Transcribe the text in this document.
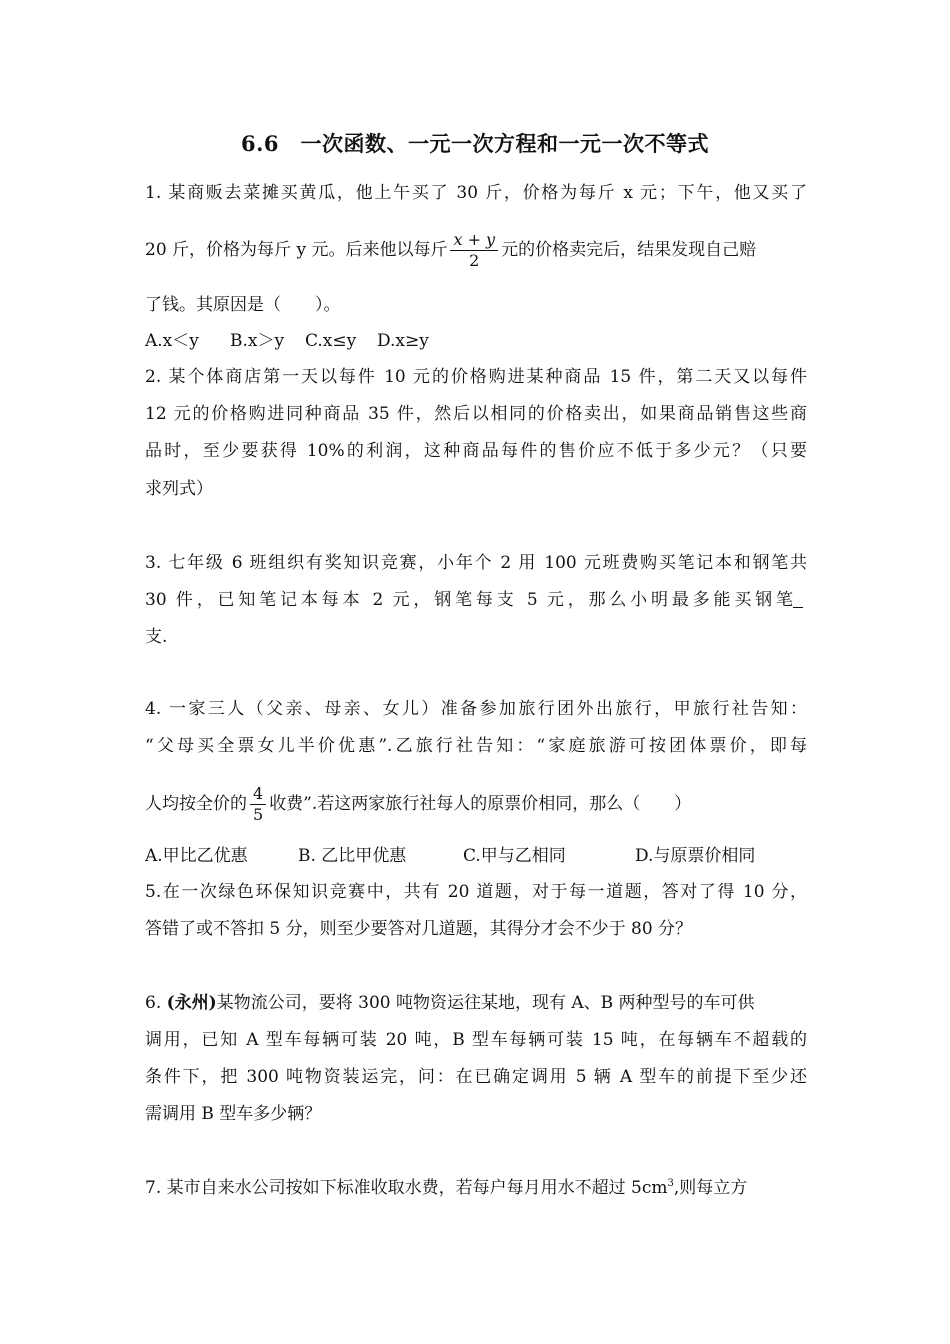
6.6　一次函数、一元一次方程和一元一次不等式
1. 某商贩去菜摊买黄瓜，他上午买了 30 斤，价格为每斤 x 元；下午，他又买了
20 斤，价格为每斤 y 元。后来他以每斤 $\frac{x + y}{2}$ 元的价格卖完后，结果发现自己赔
了钱。其原因是（　　）。
A.x＜y B.x＞y C.x≤y D.x≥y
2. 某个体商店第一天以每件 10 元的价格购进某种商品 15 件，第二天又以每件
12 元的价格购进同种商品 35 件，然后以相同的价格卖出，如果商品销售这些商
品时，至少要获得 10%的利润，这种商品每件的售价应不低于多少元？（只要
求列式）
3. 七年级 6 班组织有奖知识竞赛，小年个 2 用 100 元班费购买笔记本和钢笔共
30 件，已知笔记本每本 2 元，钢笔每支 5 元，那么小明最多能买钢笔
支.
4. 一家三人（父亲、母亲、女儿）准备参加旅行团外出旅行，甲旅行社告知：
“父母买全票女儿半价优惠”.乙旅行社告知：“家庭旅游可按团体票价，即每
人均按全价的 $\frac{4}{5}$ 收费”.若这两家旅行社每人的原票价相同，那么（　　）
A.甲比乙优惠	B. 乙比甲优惠	C.甲与乙相同	D.与原票价相同
5.在一次绿色环保知识竞赛中，共有 20 道题，对于每一道题，答对了得 10 分，
答错了或不答扣 5 分，则至少要答对几道题，其得分才会不少于 80 分？
6. (永州)某物流公司，要将 300 吨物资运往某地，现有 A、B 两种型号的车可供
调用，已知 A 型车每辆可装 20 吨，B 型车每辆可装 15 吨，在每辆车不超载的
条件下，把 300 吨物资装运完，问：在已确定调用 5 辆 A 型车的前提下至少还
需调用 B 型车多少辆？
7. 某市自来水公司按如下标准收取水费，若每户每月用水不超过 $5cm^3$,则每立方
